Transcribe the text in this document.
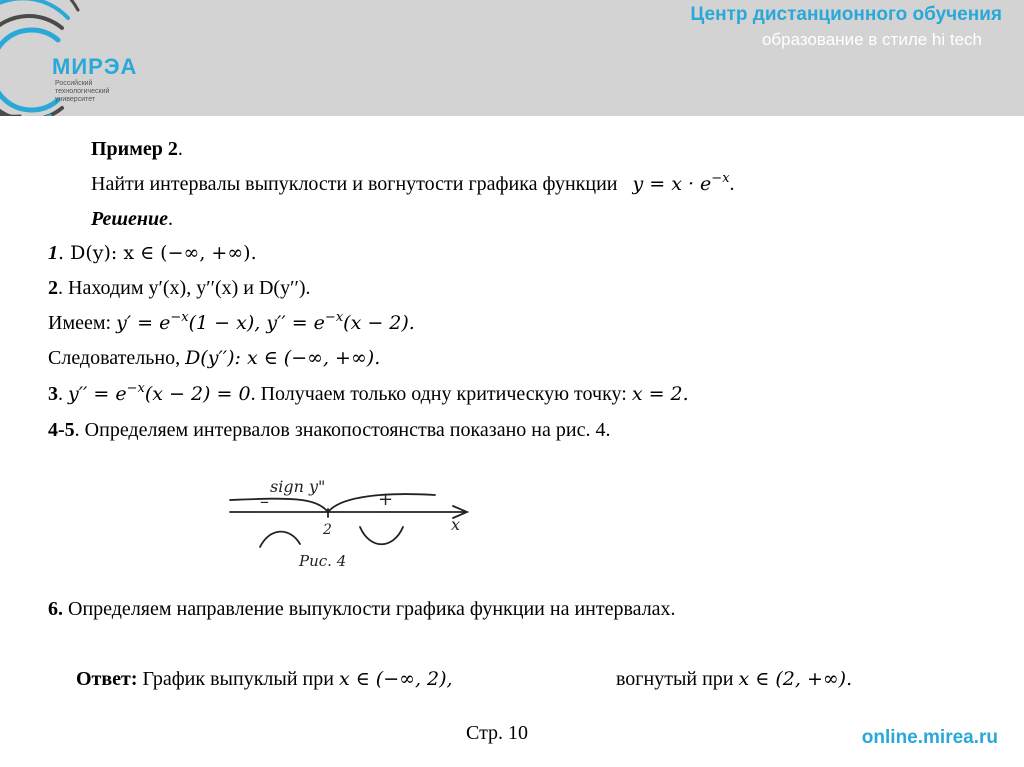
МИРЭА
Российский технологический университет
Центр дистанционного обучения
образование в стиле hi tech
Пример 2.
Найти интервалы выпуклости и вогнутости графика функции $y = x \cdot e^{-x}$.
Решение.
1. D(y): x ∈ (−∞, +∞).
2. Находим y′(x), y′′(x) и D(y′′).
Имеем: $y' = e^{-x}(1 - x)$, $y'' = e^{-x}(x - 2)$.
Следовательно, D(y′′): x ∈ (−∞, +∞).
3. $y'' = e^{-x}(x - 2) = 0$. Получаем только одну критическую точку: x = 2.
4-5. Определяем интервалов знакопостоянства показано на рис. 4.
sign y"
–	+
x
2
Рис. 4
6. Определяем направление выпуклости графика функции на интервалах.
Ответ: График выпуклый при x ∈ (−∞, 2),	вогнутый при x ∈ (2, +∞).
Стр. 10	online.mirea.ru
